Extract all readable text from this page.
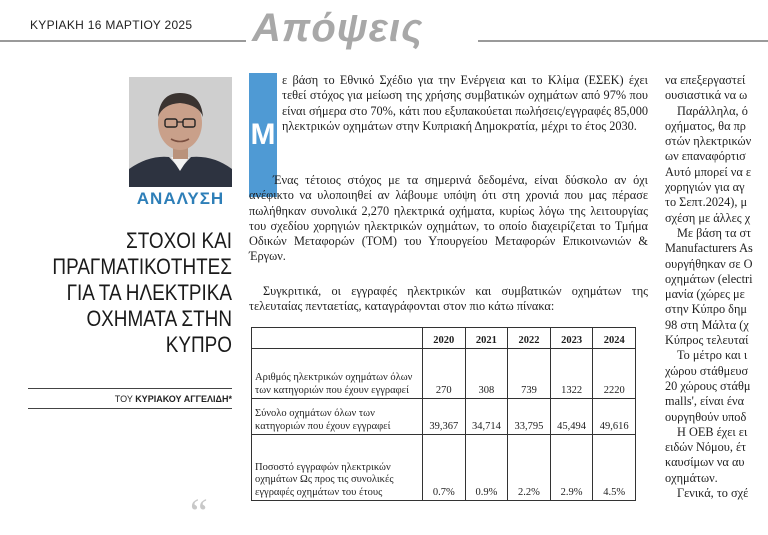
ΚΥΡΙΑΚΗ 16 ΜΑΡΤΙΟΥ 2025 Απόψεις
ΑΝΑΛΥΣΗ
ΣΤΟΧΟΙ ΚΑΙ
ΠΡΑΓΜΑΤΙΚΟΤΗΤΕΣ
ΓΙΑ ΤΑ ΗΛΕΚΤΡΙΚΑ
ΟΧΗΜΑΤΑ ΣΤΗΝ
ΚΥΠΡΟ
ΤΟΥ ΚΥΡΙΑΚΟΥ ΑΓΓΕΛΙΔΗ*
“
Μ

ε βάση το Εθνικό Σχέδιο για την Ενέργεια και το Κλίμα (ΕΣΕΚ) έχει τεθεί στόχος για μείωση της χρήσης συμβατικών οχημάτων από 97% που είναι σήμερα στο 70%, κάτι που εξυπακούεται πωλήσεις/εγγραφές 85,000 ηλεκτρικών οχημάτων στην Κυπριακή Δημοκρατία, μέχρι το έτος 2030.

Ένας τέτοιος στόχος με τα σημερινά δεδομένα, είναι δύσκολο αν όχι ανέφικτο να υλοποιηθεί αν λάβουμε υπόψη ότι στη χρονιά που μας πέρασε πωλήθηκαν συνολικά 2,270 ηλεκτρικά οχήματα, κυρίως λόγω της λειτουργίας του σχεδίου χορηγιών ηλεκτρικών οχημάτων, το οποίο διαχειρίζεται το Τμήμα Οδικών Μεταφορών (ΤΟΜ) του Υπουργείου Μεταφορών Επικοινωνιών & Έργων.

Συγκριτικά, οι εγγραφές ηλεκτρικών και συμβατικών οχημάτων της τελευταίας πενταετίας, καταγράφονται στον πιο κάτω πίνακα:

	2020	2021	2022	2023	2024
Αριθμός ηλεκτρικών οχημάτων όλων των κατηγοριών που έχουν εγγραφεί	270	308	739	1322	2220
Σύνολο οχημάτων όλων των κατηγοριών που έχουν εγγραφεί	39,367	34,714	33,795	45,494	49,616
Ποσοστό εγγραφών ηλεκτρικών οχημάτων Ως προς τις συνολικές εγγραφές οχημάτων του έτους	0.7%	0.9%	2.2%	2.9%	4.5%
να επεξεργαστεί
ουσιαστικά να ω
Παράλληλα, ό
οχήματος, θα πρ
στών ηλεκτρικών
ων επαναφόρτισ
Αυτό μπορεί να ε
χορηγιών για αγ
το Σεπτ.2024), μ
σχέση με άλλες χ
Με βάση τα στ
Manufacturers As
ουργήθηκαν σε Ο
οχημάτων (electri
μανία (χώρες με
στην Κύπρο δημ
98 στη Μάλτα (χ
Κύπρος τελευταί
Το μέτρο και ι
χώρου στάθμευσ
20 χώρους στάθμ
malls', είναι ένα
ουργηθούν υποδ
Η ΟΕΒ έχει ει
ειδών Νόμου, έτ
καυσίμων να αυ
οχημάτων.
Γενικά, το σχέ
